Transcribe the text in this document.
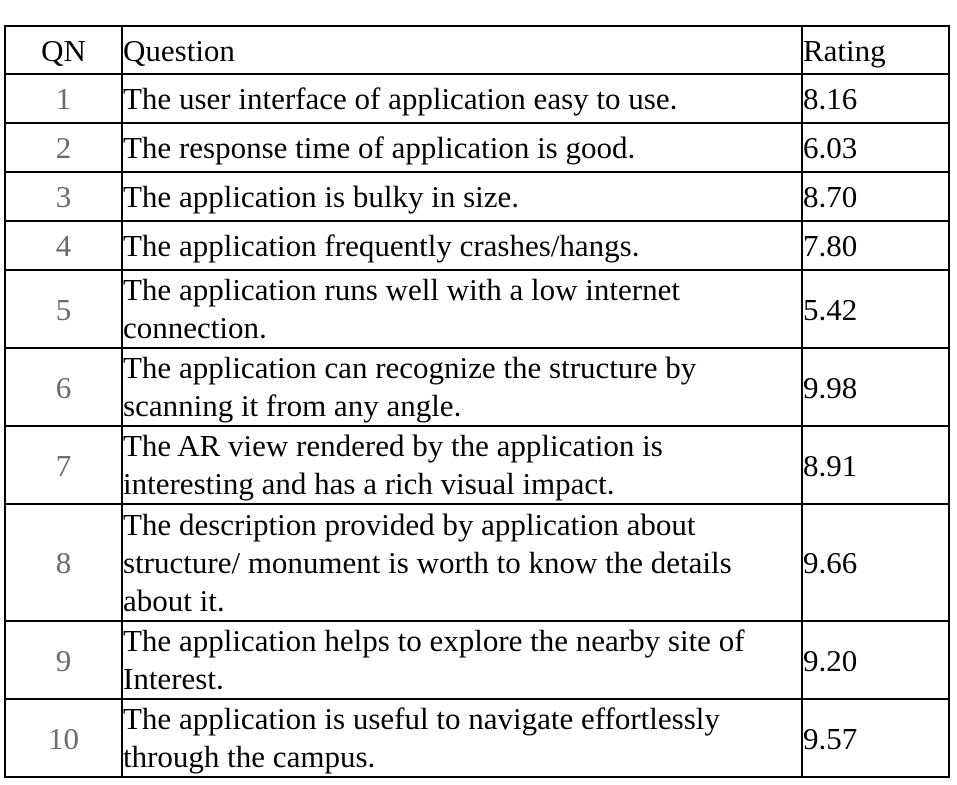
QN	Question	Rating
1	The user interface of application easy to use.	8.16
2	The response time of application is good.	6.03
3	The application is bulky in size.	8.70
4	The application frequently crashes/hangs.	7.80
5	The application runs well with a low internet connection.	5.42
6	The application can recognize the structure by scanning it from any angle.	9.98
7	The AR view rendered by the application is interesting and has a rich visual impact.	8.91
8	The description provided by application about structure/ monument is worth to know the details about it.	9.66
9	The application helps to explore the nearby site of Interest.	9.20
10	The application is useful to navigate effortlessly through the campus.	9.57
